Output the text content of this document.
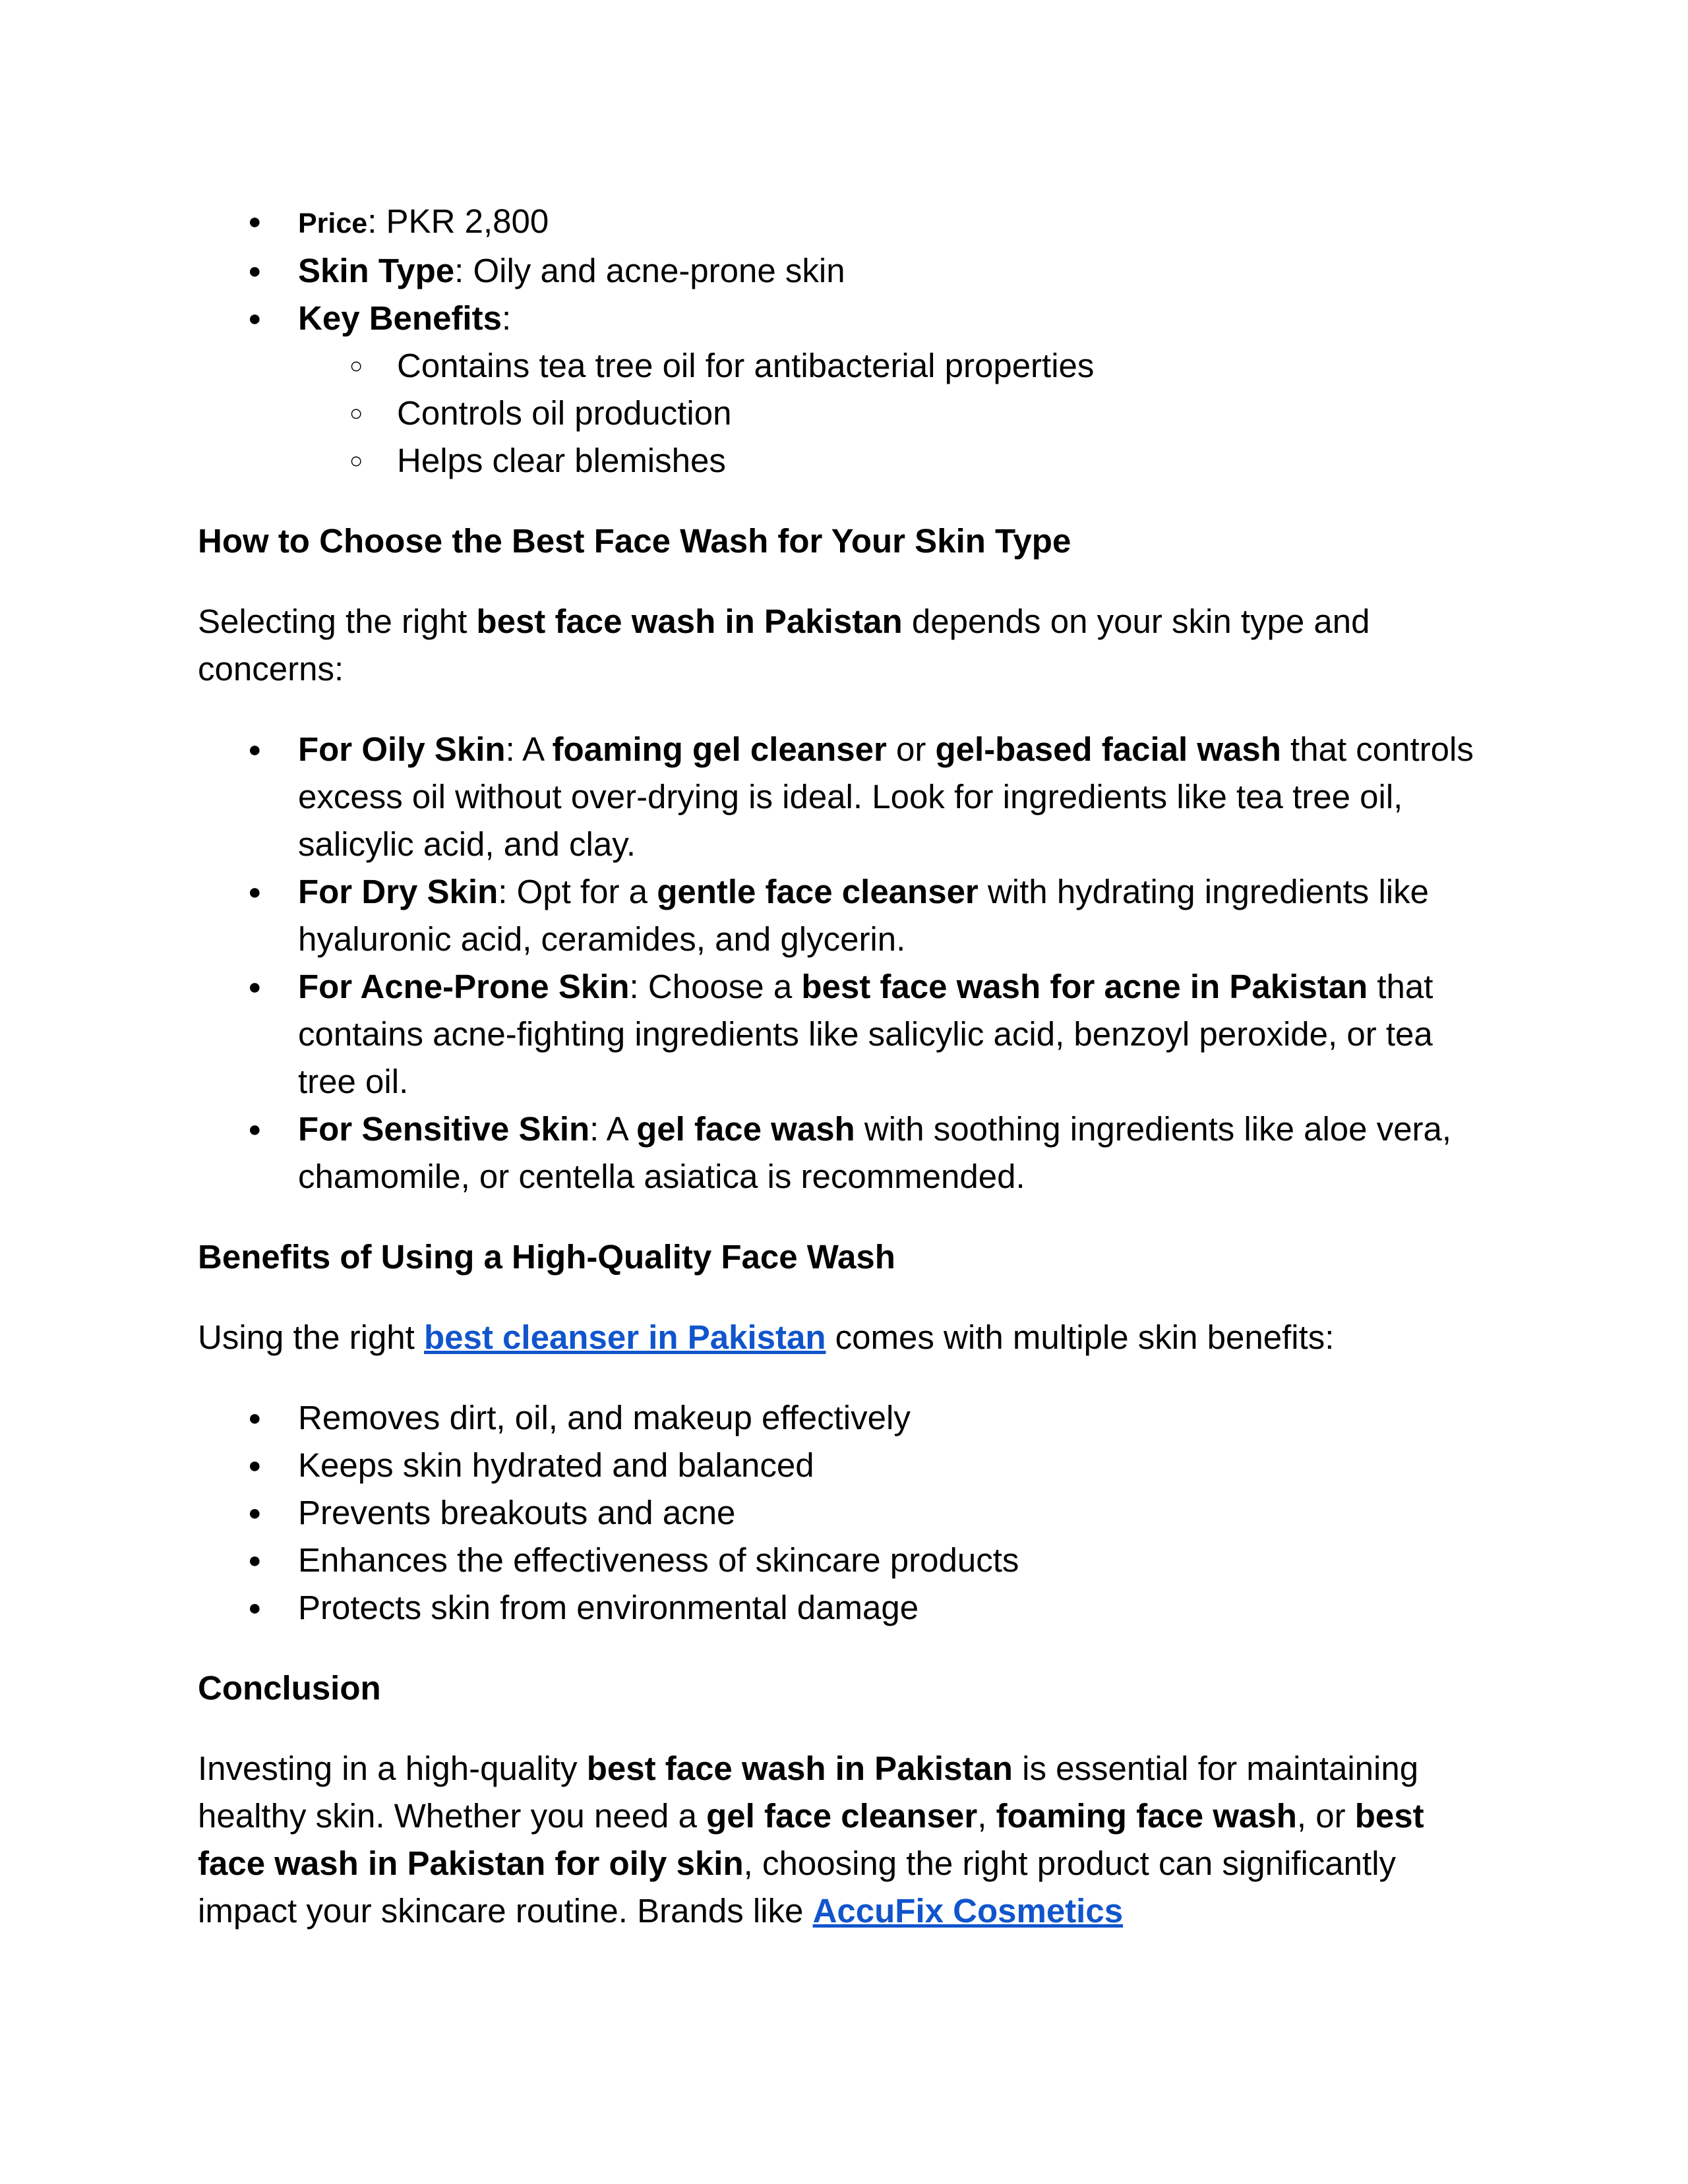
● Price: PKR 2,800
● Skin Type: Oily and acne-prone skin
● Key Benefits:
○ Contains tea tree oil for antibacterial properties
○ Controls oil production
○ Helps clear blemishes
How to Choose the Best Face Wash for Your Skin Type

Selecting the right best face wash in Pakistan depends on your skin type and concerns:

● For Oily Skin: A foaming gel cleanser or gel-based facial wash that controls excess oil without over-drying is ideal. Look for ingredients like tea tree oil, salicylic acid, and clay.
● For Dry Skin: Opt for a gentle face cleanser with hydrating ingredients like hyaluronic acid, ceramides, and glycerin.
● For Acne-Prone Skin: Choose a best face wash for acne in Pakistan that contains acne-fighting ingredients like salicylic acid, benzoyl peroxide, or tea tree oil.
● For Sensitive Skin: A gel face wash with soothing ingredients like aloe vera, chamomile, or centella asiatica is recommended.
Benefits of Using a High-Quality Face Wash

Using the right best cleanser in Pakistan comes with multiple skin benefits:

● Removes dirt, oil, and makeup effectively
● Keeps skin hydrated and balanced
● Prevents breakouts and acne
● Enhances the effectiveness of skincare products
● Protects skin from environmental damage
Conclusion

Investing in a high-quality best face wash in Pakistan is essential for maintaining healthy skin. Whether you need a gel face cleanser, foaming face wash, or best face wash in Pakistan for oily skin, choosing the right product can significantly impact your skincare routine. Brands like AccuFix Cosmetics
